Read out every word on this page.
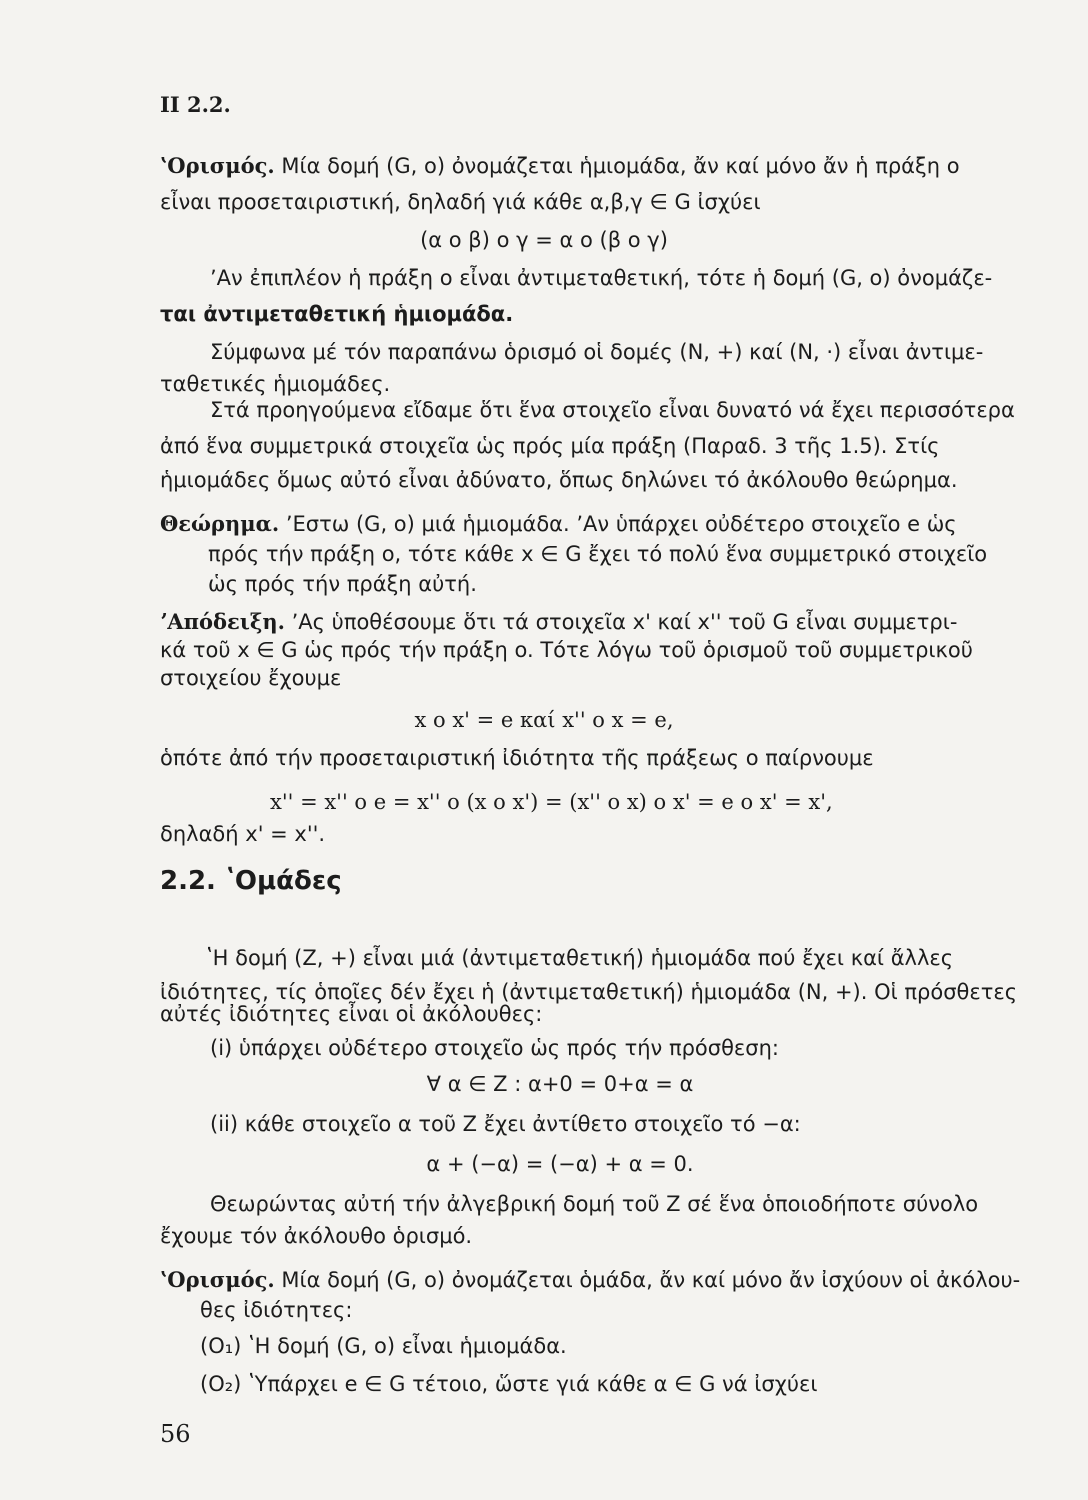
II 2.2.
ʽΟρισμός. Μία δομή (G, o) ὀνομάζεται ἡμιομάδα, ἄν καί μόνο ἄν ἡ πράξη o
εἶναι προσεταιριστική, δηλαδή γιά κάθε α,β,γ ∈ G ἰσχύει
(α o β) o γ = α o (β o γ)
ʼΑν ἐπιπλέον ἡ πράξη o εἶναι ἀντιμεταθετική, τότε ἡ δομή (G, o) ὀνομάζε-
ται ἀντιμεταθετική ἡμιομάδα.
Σύμφωνα μέ τόν παραπάνω ὁρισμό οἱ δομές (N, +) καί (N, ·) εἶναι ἀντιμε-
ταθετικές ἡμιομάδες.
Στά προηγούμενα εἴδαμε ὅτι ἕνα στοιχεῖο εἶναι δυνατό νά ἔχει περισσότερα
ἀπό ἕνα συμμετρικά στοιχεῖα ὡς πρός μία πράξη (Παραδ. 3 τῆς 1.5). Στίς
ἡμιομάδες ὅμως αὐτό εἶναι ἀδύνατο, ὅπως δηλώνει τό ἀκόλουθο θεώρημα.
Θεώρημα. ʼΕστω (G, o) μιά ἡμιομάδα. ʼΑν ὑπάρχει οὐδέτερο στοιχεῖο e ὡς
πρός τήν πράξη o, τότε κάθε x ∈ G ἔχει τό πολύ ἕνα συμμετρικό στοιχεῖο
ὡς πρός τήν πράξη αὐτή.
ʼΑπόδειξη. ʼΑς ὑποθέσουμε ὅτι τά στοιχεῖα x' καί x'' τοῦ G εἶναι συμμετρι-
κά τοῦ x ∈ G ὡς πρός τήν πράξη o. Τότε λόγω τοῦ ὁρισμοῦ τοῦ συμμετρικοῦ
στοιχείου ἔχουμε
x o x' = e καί x'' o x = e,
ὁπότε ἀπό τήν προσεταιριστική ἰδιότητα τῆς πράξεως o παίρνουμε
x'' = x'' o e = x'' o (x o x') = (x'' o x) o x' = e o x' = x',
δηλαδή x' = x''.
2.2. ʽΟμάδες
ʽΗ δομή (Z, +) εἶναι μιά (ἀντιμεταθετική) ἡμιομάδα πού ἔχει καί ἄλλες
ἰδιότητες, τίς ὁποῖες δέν ἔχει ἡ (ἀντιμεταθετική) ἡμιομάδα (N, +). Οἱ πρόσθετες
αὐτές ἰδιότητες εἶναι οἱ ἀκόλουθες:
(i) ὑπάρχει οὐδέτερο στοιχεῖο ὡς πρός τήν πρόσθεση:
∀ α ∈ Z : α+0 = 0+α = α
(ii) κάθε στοιχεῖο α τοῦ Z ἔχει ἀντίθετο στοιχεῖο τό −α:
α + (−α) = (−α) + α = 0.
Θεωρώντας αὐτή τήν ἀλγεβρική δομή τοῦ Z σέ ἕνα ὁποιοδήποτε σύνολο
ἔχουμε τόν ἀκόλουθο ὁρισμό.
ʽΟρισμός. Μία δομή (G, o) ὀνομάζεται ὁμάδα, ἄν καί μόνο ἄν ἰσχύουν οἱ ἀκόλου-
θες ἰδιότητες:
(O₁) ʽΗ δομή (G, o) εἶναι ἡμιομάδα.
(O₂) ʽΥπάρχει e ∈ G τέτοιο, ὥστε γιά κάθε α ∈ G νά ἰσχύει
56
